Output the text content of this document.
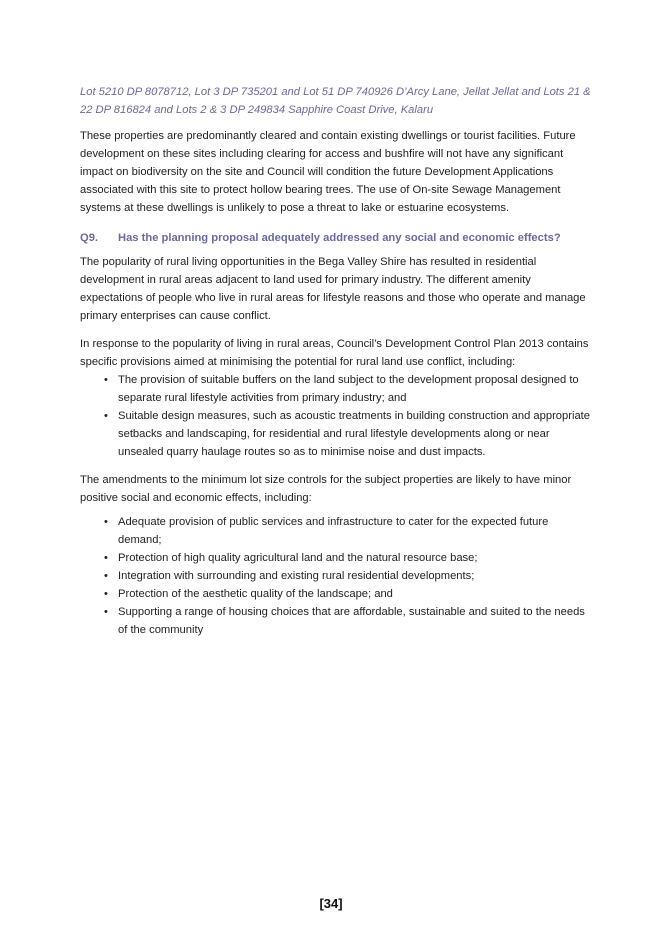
Lot 5210 DP 8078712, Lot 3 DP 735201 and Lot 51 DP 740926 D’Arcy Lane, Jellat Jellat and Lots 21 & 22 DP 816824 and Lots 2 & 3 DP 249834 Sapphire Coast Drive, Kalaru

These properties are predominantly cleared and contain existing dwellings or tourist facilities. Future development on these sites including clearing for access and bushfire will not have any significant impact on biodiversity on the site and Council will condition the future Development Applications associated with this site to protect hollow bearing trees. The use of On-site Sewage Management systems at these dwellings is unlikely to pose a threat to lake or estuarine ecosystems.

Q9. Has the planning proposal adequately addressed any social and economic effects?

The popularity of rural living opportunities in the Bega Valley Shire has resulted in residential development in rural areas adjacent to land used for primary industry. The different amenity expectations of people who live in rural areas for lifestyle reasons and those who operate and manage primary enterprises can cause conflict.

In response to the popularity of living in rural areas, Council’s Development Control Plan 2013 contains specific provisions aimed at minimising the potential for rural land use conflict, including:

• The provision of suitable buffers on the land subject to the development proposal designed to separate rural lifestyle activities from primary industry; and
• Suitable design measures, such as acoustic treatments in building construction and appropriate setbacks and landscaping, for residential and rural lifestyle developments along or near unsealed quarry haulage routes so as to minimise noise and dust impacts.

The amendments to the minimum lot size controls for the subject properties are likely to have minor positive social and economic effects, including:

• Adequate provision of public services and infrastructure to cater for the expected future demand;
• Protection of high quality agricultural land and the natural resource base;
• Integration with surrounding and existing rural residential developments;
• Protection of the aesthetic quality of the landscape; and
• Supporting a range of housing choices that are affordable, sustainable and suited to the needs of the community
[34]
